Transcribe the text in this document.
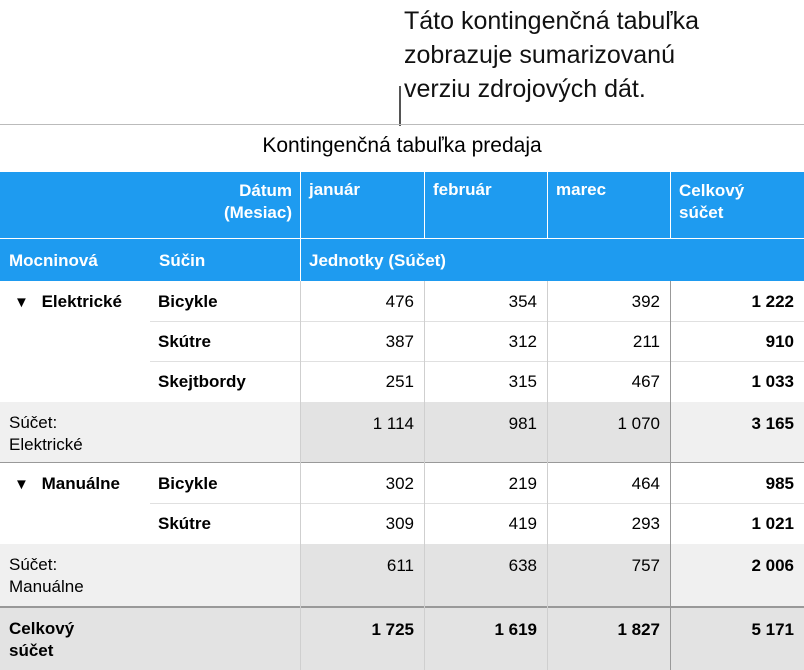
Táto kontingenčná tabuľka
zobrazuje sumarizovanú
verziu zdrojových dát.
Kontingenčná tabuľka predaja
Dátum
(Mesiac)
január	február	marec	Celkový
súčet
Mocninová	Súčin	Jednotky (Súčet)
▼ Elektrické	Bicykle	476	354	392	1 222
Skútre	387	312	211	910
Skejtbordy	251	315	467	1 033
Súčet:
Elektrické
1 114	981	1 070	3 165
▼ Manuálne	Bicykle	302	219	464	985
Skútre	309	419	293	1 021
Súčet:
Manuálne
611	638	757	2 006
Celkový
súčet
1 725	1 619	1 827	5 171
